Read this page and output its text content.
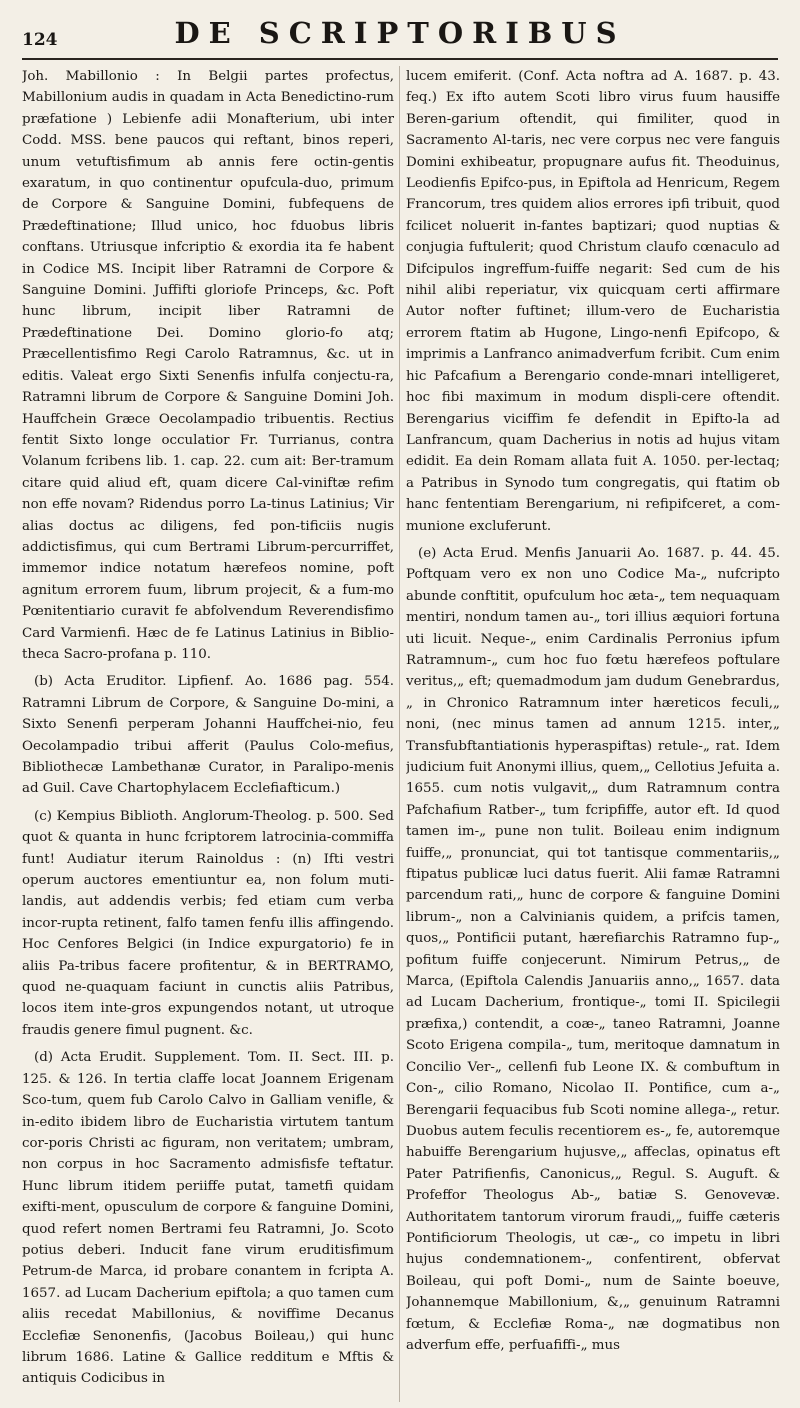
124	DE SCRIPTORIBUS

Joh. Mabillonio : In Belgii partes profectus, Mabillonium audis in quadam in Acta Benedictino-rum præfatione ) Lebienfe adii Monafterium, ubi inter Codd. MSS. bene paucos qui reftant, binos reperi, unum vetuftisfimum ab annis fere octin-gentis exaratum, in quo continentur opufcula-duo, primum de Corpore & Sanguine Domini, fubfequens de Prædeftinatione; Illud unico, hoc fduobus libris conftans. Utriusque infcriptio & exordia ita fe habent in Codice MS. Incipit liber Ratramni de Corpore & Sanguine Domini. Juffifti gloriofe Princeps, &c. Poft hunc librum, incipit liber Ratramni de Prædeftinatione Dei. Domino glorio-fo atq; Præcellentisfimo Regi Carolo Ratramnus, &c. ut in editis. Valeat ergo Sixti Senenfis infulfa conjectu-ra, Ratramni librum de Corpore & Sanguine Domini Joh. Hauffchein Græce Oecolampadio tribuentis. Rectius fentit Sixto longe occulatior Fr. Turrianus, contra Volanum fcribens lib. 1. cap. 22. cum ait: Ber-tramum citare quid aliud eft, quam dicere Cal-viniftæ refim non effe novam? Ridendus porro La-tinus Latinius; Vir alias doctus ac diligens, fed pon-tificiis nugis addictisfimus, qui cum Bertrami Librum-percurriffet, immemor indice notatum hærefeos nomine, poft agnitum errorem fuum, librum projecit, & a fum-mo Pœnitentiario curavit fe abfolvendum Reverendisfimo Card Varmienfi. Hæc de fe Latinus Latinius in Biblio-theca Sacro-profana p. 110.

(b) Acta Eruditor. Lipfienf. Ao. 1686 pag. 554. Ratramni Librum de Corpore, & Sanguine Do-mini, a Sixto Senenfi perperam Johanni Hauffchei-nio, feu Oecolampadio tribui afferit (Paulus Colo-mefius, Bibliothecæ Lambethanæ Curator, in Paralipo-menis ad Guil. Cave Chartophylacem Ecclefiafticum.)

(c) Kempius Biblioth. Anglorum-Theolog. p. 500. Sed quot & quanta in hunc fcriptorem latrocinia-commiffa funt! Audiatur iterum Rainoldus : (n) Ifti vestri operum auctores ementiuntur ea, non folum muti-landis, aut addendis verbis; fed etiam cum verba incor-rupta retinent, falfo tamen fenfu illis affingendo. Hoc Cenfores Belgici (in Indice expurgatorio) fe in aliis Pa-tribus facere profitentur, & in BERTRAMO, quod ne-quaquam faciunt in cunctis aliis Patribus, locos item inte-gros expungendos notant, ut utroque fraudis genere fimul pugnent. &c.

(d) Acta Erudit. Supplement. Tom. II. Sect. III. p. 125. & 126. In tertia claffe locat Joannem Erigenam Sco-tum, quem fub Carolo Calvo in Galliam venifle, & in-edito ibidem libro de Eucharistia virtutem tantum cor-poris Christi ac figuram, non veritatem; umbram, non corpus in hoc Sacramento admisfisfe teftatur. Hunc librum itidem periiffe putat, tametfi quidam exifti-ment, opusculum de corpore & fanguine Domini, quod refert nomen Bertrami feu Ratramni, Jo. Scoto potius deberi. Inducit fane virum eruditisfimum Petrum-de Marca, id probare conantem in fcripta A. 1657. ad Lucam Dacherium epiftola; a quo tamen cum aliis recedat Mabillonius, & noviffime Decanus Ecclefiæ Senonenfis, (Jacobus Boileau,) qui hunc librum 1686. Latine & Gallice redditum e Mftis & antiquis Codicibus in

lucem emiferit. (Conf. Acta noftra ad A. 1687. p. 43. feq.) Ex ifto autem Scoti libro virus fuum hausiffe Beren-garium oftendit, qui fimiliter, quod in Sacramento Al-taris, nec vere corpus nec vere fanguis Domini exhibeatur, propugnare aufus fit. Theoduinus, Leodienfis Epifco-pus, in Epiftola ad Henricum, Regem Francorum, tres quidem alios errores ipfi tribuit, quod fcilicet noluerit in-fantes baptizari; quod nuptias & conjugia fuftulerit; quod Christum claufo cœnaculo ad Difcipulos ingreffum-fuiffe negarit: Sed cum de his nihil alibi reperiatur, vix quicquam certi affirmare Autor nofter fuftinet; illum-vero de Eucharistia errorem ftatim ab Hugone, Lingo-nenfi Epifcopo, & imprimis a Lanfranco animadverfum fcribit. Cum enim hic Pafcafium a Berengario conde-mnari intelligeret, hoc fibi maximum in modum displi-cere oftendit. Berengarius viciffim fe defendit in Epifto-la ad Lanfrancum, quam Dacherius in notis ad hujus vitam edidit. Ea dein Romam allata fuit A. 1050. per-lectaq; a Patribus in Synodo tum congregatis, qui ftatim ob hanc fententiam Berengarium, ni refipifceret, a com-munione excluferunt.

(e) Acta Erud. Menfis Januarii Ao. 1687. p. 44. 45. Poftquam vero ex non uno Codice Ma-„ nufcripto abunde conftitit, opufculum hoc æta-„ tem nequaquam mentiri, nondum tamen au-„ tori illius æquiori fortuna uti licuit. Neque-„ enim Cardinalis Perronius ipfum Ratramnum-„ cum hoc fuo fœtu hærefeos poftulare veritus,„ eft; quemadmodum jam dudum Genebrardus,„ in Chronico Ratramnum inter hæreticos feculi,„ noni, (nec minus tamen ad annum 1215. inter,„ Transfubftantiationis hyperaspiftas) retule-„ rat. Idem judicium fuit Anonymi illius, quem,„ Cellotius Jefuita a. 1655. cum notis vulgavit,„ dum Ratramnum contra Pafchafium Ratber-„ tum fcripfiffe, autor eft. Id quod tamen im-„ pune non tulit. Boileau enim indignum fuiffe,„ pronunciat, qui tot tantisque commentariis,„ ftipatus publicæ luci datus fuerit. Alii famæ Ratramni parcendum rati,„ hunc de corpore & fanguine Domini librum-„ non a Calvinianis quidem, a prifcis tamen, quos,„ Pontificii putant, hærefiarchis Ratramno fup-„ pofitum fuiffe conjecerunt. Nimirum Petrus,„ de Marca, (Epiftola Calendis Januariis anno,„ 1657. data ad Lucam Dacherium, frontique-„ tomi II. Spicilegii præfixa,) contendit, a coæ-„ taneo Ratramni, Joanne Scoto Erigena compila-„ tum, meritoque damnatum in Concilio Ver-„ cellenfi fub Leone IX. & combuftum in Con-„ cilio Romano, Nicolao II. Pontifice, cum a-„ Berengarii fequacibus fub Scoti nomine allega-„ retur. Duobus autem feculis recentiorem es-„ fe, autoremque habuiffe Berengarium hujusve,„ affeclas, opinatus eft Pater Patrifienfis, Canonicus,„ Regul. S. Auguft. & Profeffor Theologus Ab-„ batiæ S. Genovevæ. Authoritatem tantorum virorum fraudi,„ fuiffe cæteris Pontificiorum Theologis, ut cæ-„ co impetu in libri hujus condemnationem-„ confentirent, obfervat Boileau, qui poft Domi-„ num de Sainte boeuve, Johannemque Mabillonium, &,„ genuinum Ratramni fœtum, & Ecclefiæ Roma-„ næ dogmatibus non adverfum effe, perfuafiffi-„ mus
